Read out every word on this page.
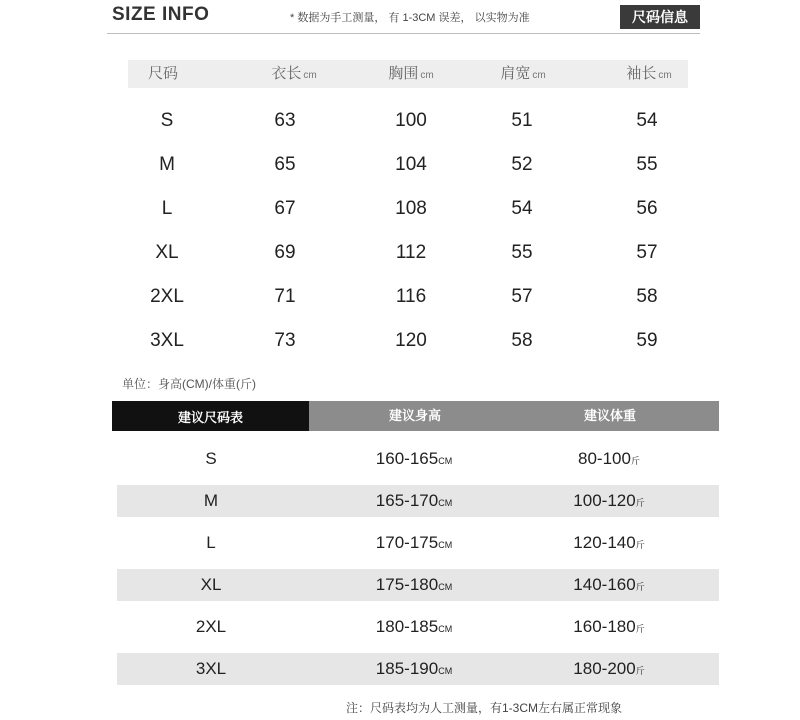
SIZE INFO	* 数据为手工测量， 有 1-3CM 误差， 以实物为准	尺码信息
尺码	衣长 cm	胸围 cm	肩宽 cm	袖长 cm
S	63	100	51	54
M	65	104	52	55
L	67	108	54	56
XL	69	112	55	57
2XL	71	116	57	58
3XL	73	120	58	59
单位：身高(CM)/体重(斤)
建议尺码表	建议身高	建议体重
S	160-165CM	80-100斤
M	165-170CM	100-120斤
L	170-175CM	120-140斤
XL	175-180CM	140-160斤
2XL	180-185CM	160-180斤
3XL	185-190CM	180-200斤
注：尺码表均为人工测量，有1-3CM左右属正常现象
